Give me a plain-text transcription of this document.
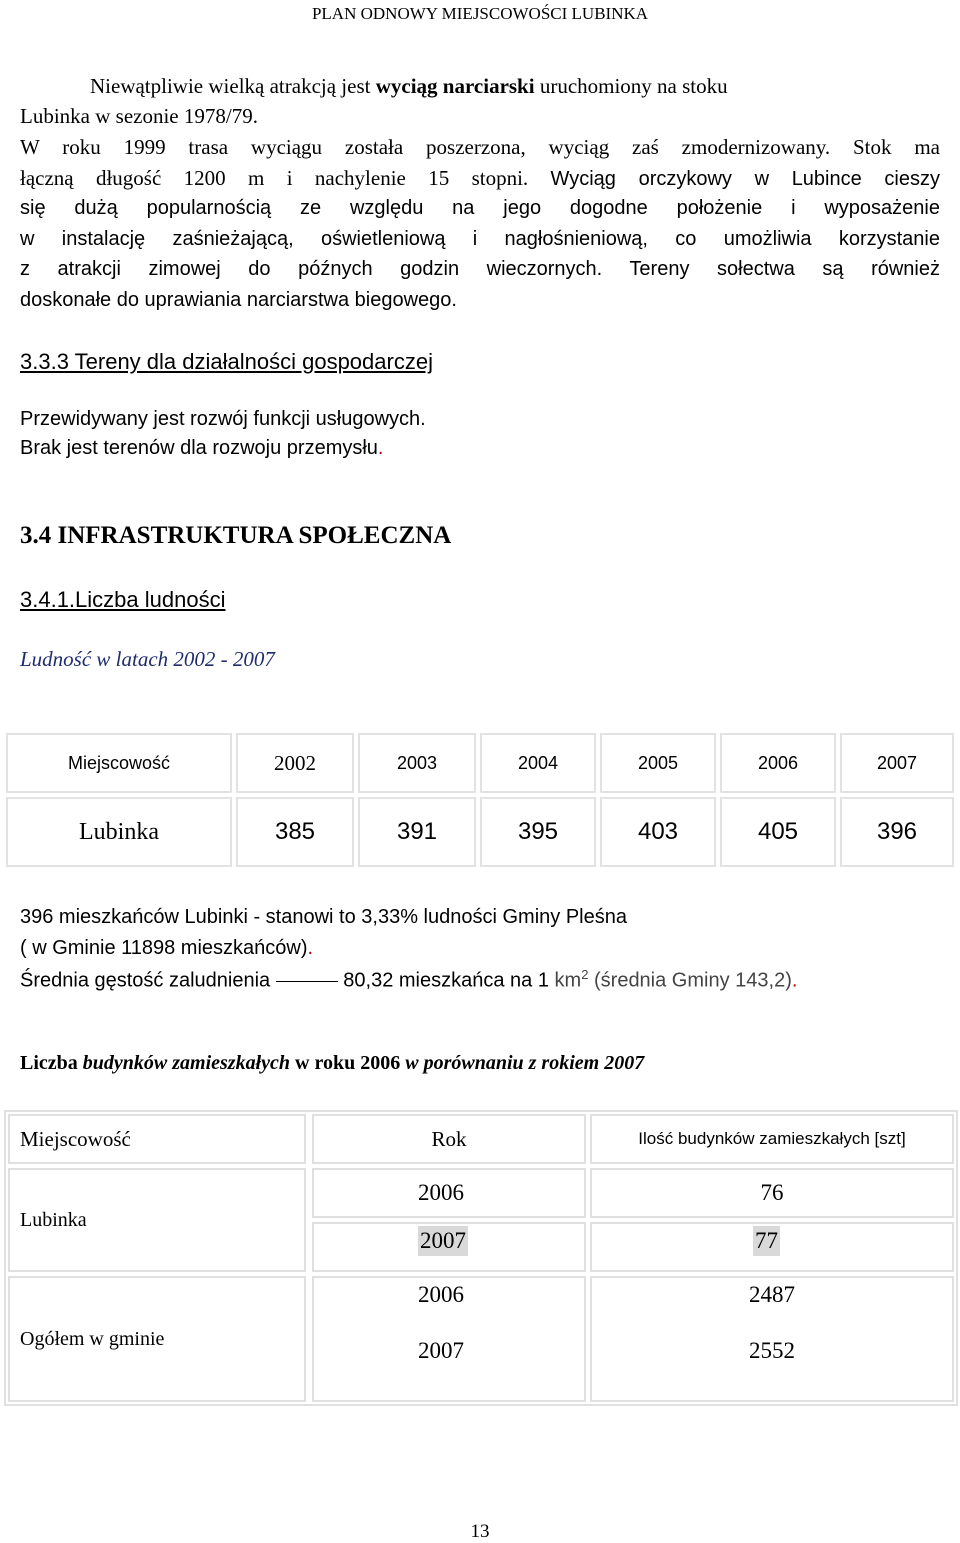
PLAN ODNOWY MIEJSCOWOŚCI LUBINKA
Niewątpliwie wielką atrakcją jest wyciąg narciarski uruchomiony na stoku
Lubinka w sezonie 1978/79.
W roku 1999 trasa wyciągu została poszerzona, wyciąg zaś zmodernizowany. Stok ma
łączną długość 1200 m i nachylenie 15 stopni. Wyciąg orczykowy w Lubince cieszy
się dużą popularnością ze względu na jego dogodne położenie i wyposażenie
w instalację zaśnieżającą, oświetleniową i nagłośnieniową, co umożliwia korzystanie
z atrakcji zimowej do późnych godzin wieczornych. Tereny sołectwa są również
doskonałe do uprawiania narciarstwa biegowego.
3.3.3 Tereny dla działalności gospodarczej
Przewidywany jest rozwój funkcji usługowych.
Brak jest terenów dla rozwoju przemysłu.
3.4 INFRASTRUKTURA SPOŁECZNA
3.4.1.Liczba ludności
Ludność w latach 2002 - 2007
Miejscowość	2002	2003	2004	2005	2006	2007
Lubinka	385	391	395	403	405	396
396 mieszkańców Lubinki - stanowi to 3,33% ludności Gminy Pleśna
( w Gminie 11898 mieszkańców).
Średnia gęstość zaludnienia	80,32 mieszkańca na 1 $km^2$ (średnia Gminy 143,2).
Liczba budynków zamieszkałych w roku 2006 w porównaniu z rokiem 2007
Miejscowość	Rok	Ilość budynków zamieszkałych [szt]
Lubinka
2006	76
2007	77
Ogółem w gminie
2006	2487
2007	2552
13
